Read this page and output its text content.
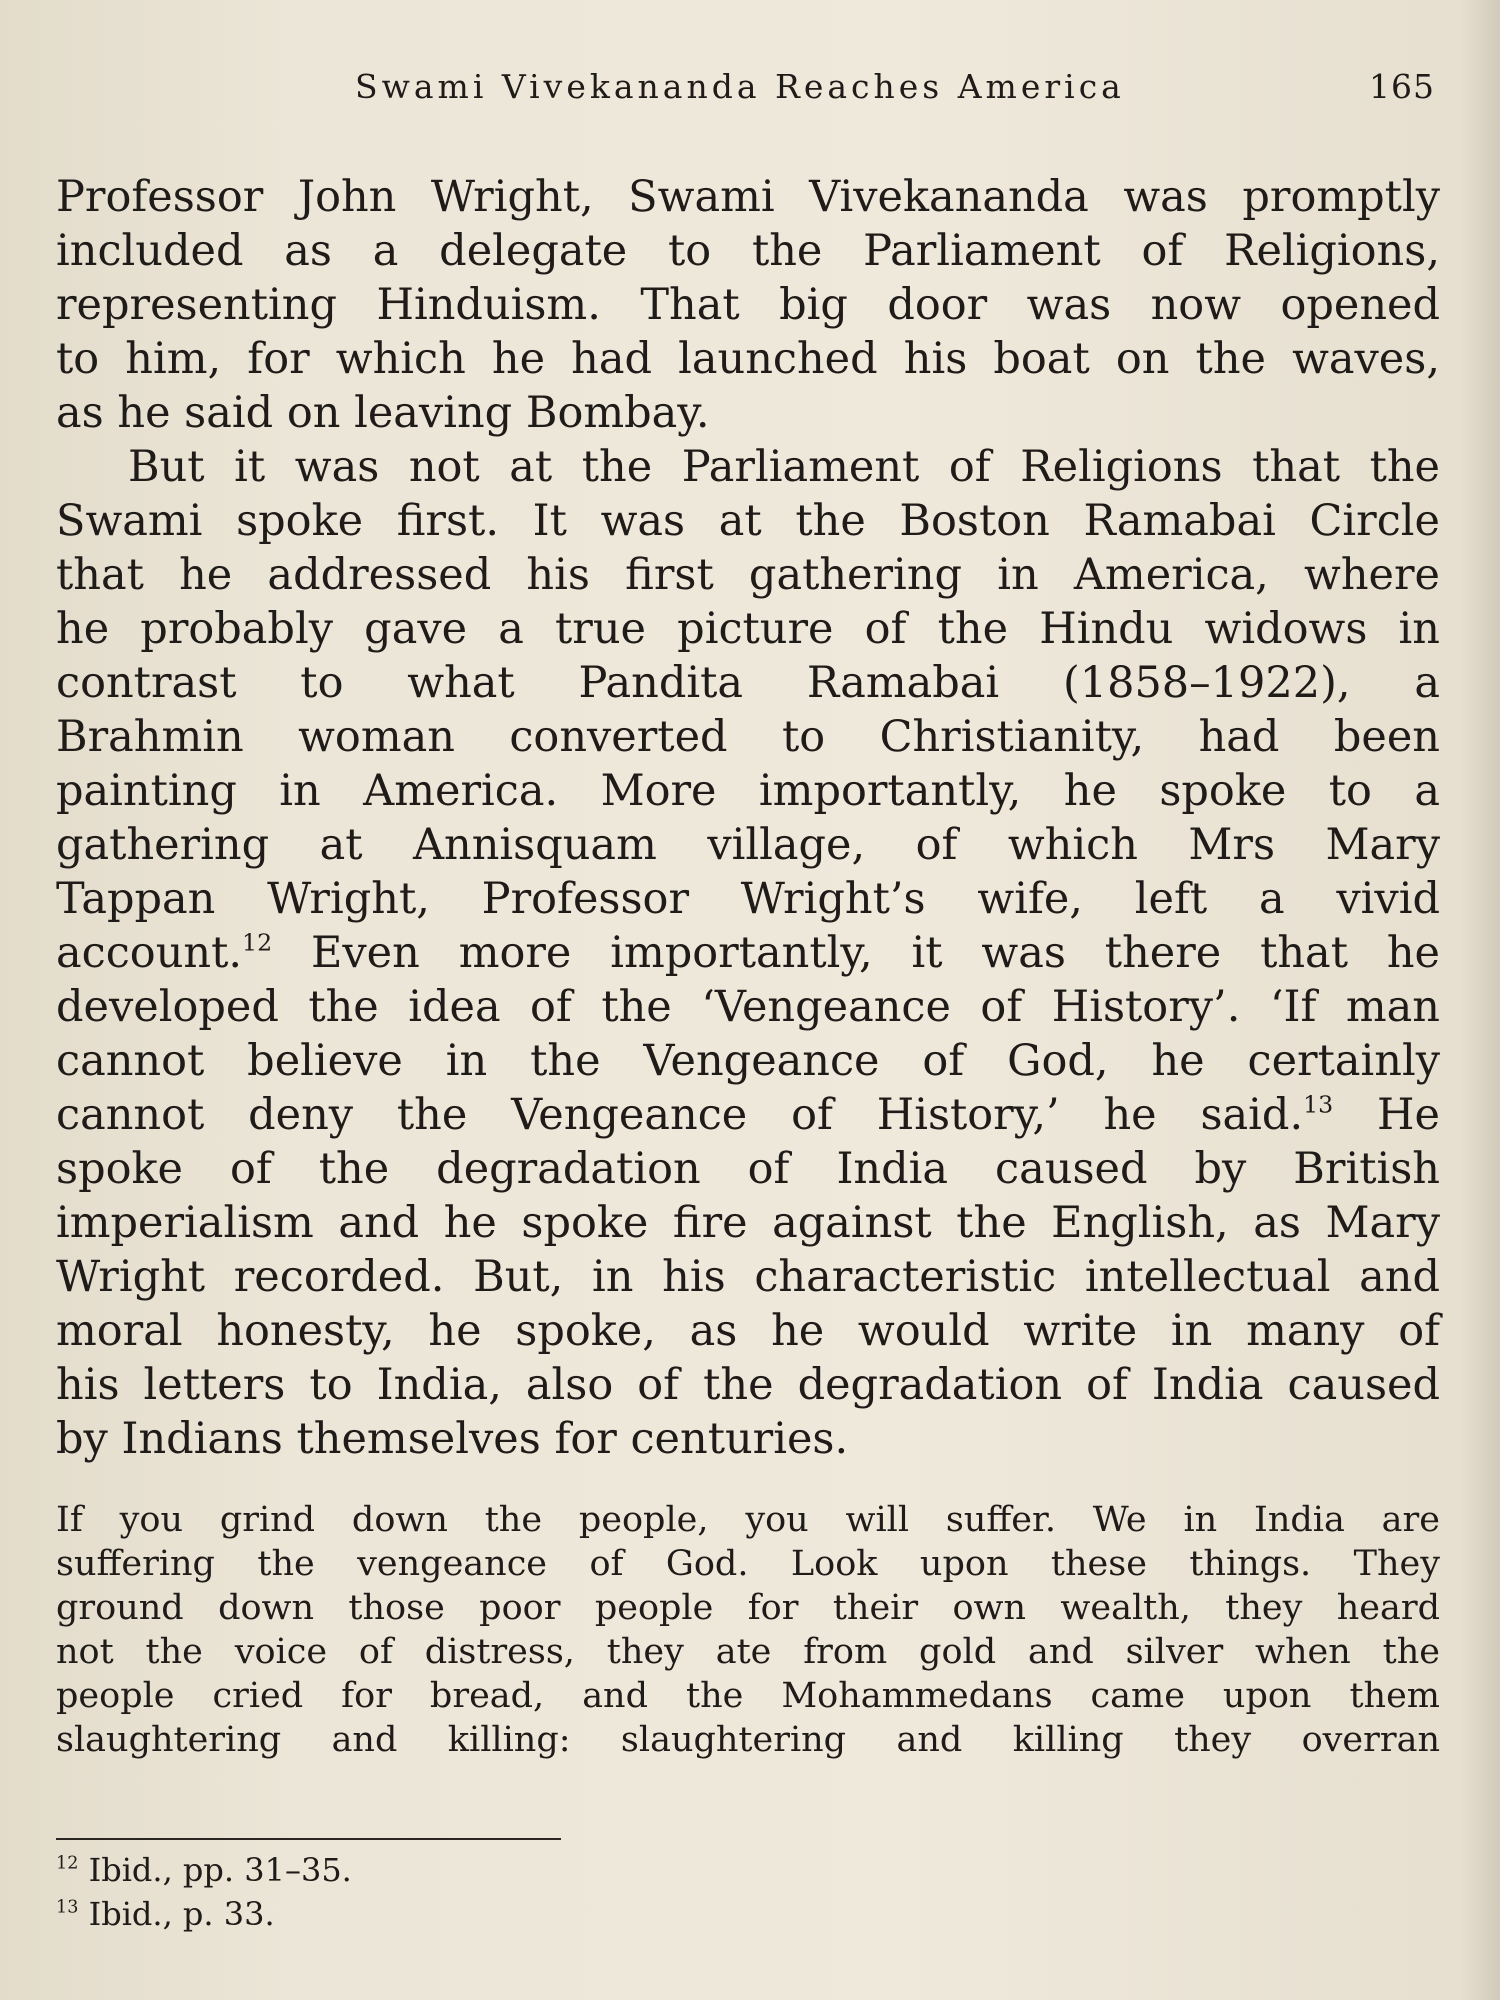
Swami Vivekananda Reaches America	165
Professor John Wright, Swami Vivekananda was promptly
included as a delegate to the Parliament of Religions,
representing Hinduism. That big door was now opened
to him, for which he had launched his boat on the waves,
as he said on leaving Bombay.
But it was not at the Parliament of Religions that the
Swami spoke first. It was at the Boston Ramabai Circle
that he addressed his first gathering in America, where
he probably gave a true picture of the Hindu widows in
contrast to what Pandita Ramabai (1858–1922), a
Brahmin woman converted to Christianity, had been
painting in America. More importantly, he spoke to a
gathering at Annisquam village, of which Mrs Mary
Tappan Wright, Professor Wright’s wife, left a vivid
account.$^{12}$ Even more importantly, it was there that he
developed the idea of the ‘Vengeance of History’. ‘If man
cannot believe in the Vengeance of God, he certainly
cannot deny the Vengeance of History,’ he said.$^{13}$ He
spoke of the degradation of India caused by British
imperialism and he spoke fire against the English, as Mary
Wright recorded. But, in his characteristic intellectual and
moral honesty, he spoke, as he would write in many of
his letters to India, also of the degradation of India caused
by Indians themselves for centuries.
If you grind down the people, you will suffer. We in India are
suffering the vengeance of God. Look upon these things. They
ground down those poor people for their own wealth, they heard
not the voice of distress, they ate from gold and silver when the
people cried for bread, and the Mohammedans came upon them
slaughtering and killing: slaughtering and killing they overran
$^{12}$ Ibid., pp. 31–35.
$^{13}$ Ibid., p. 33.
